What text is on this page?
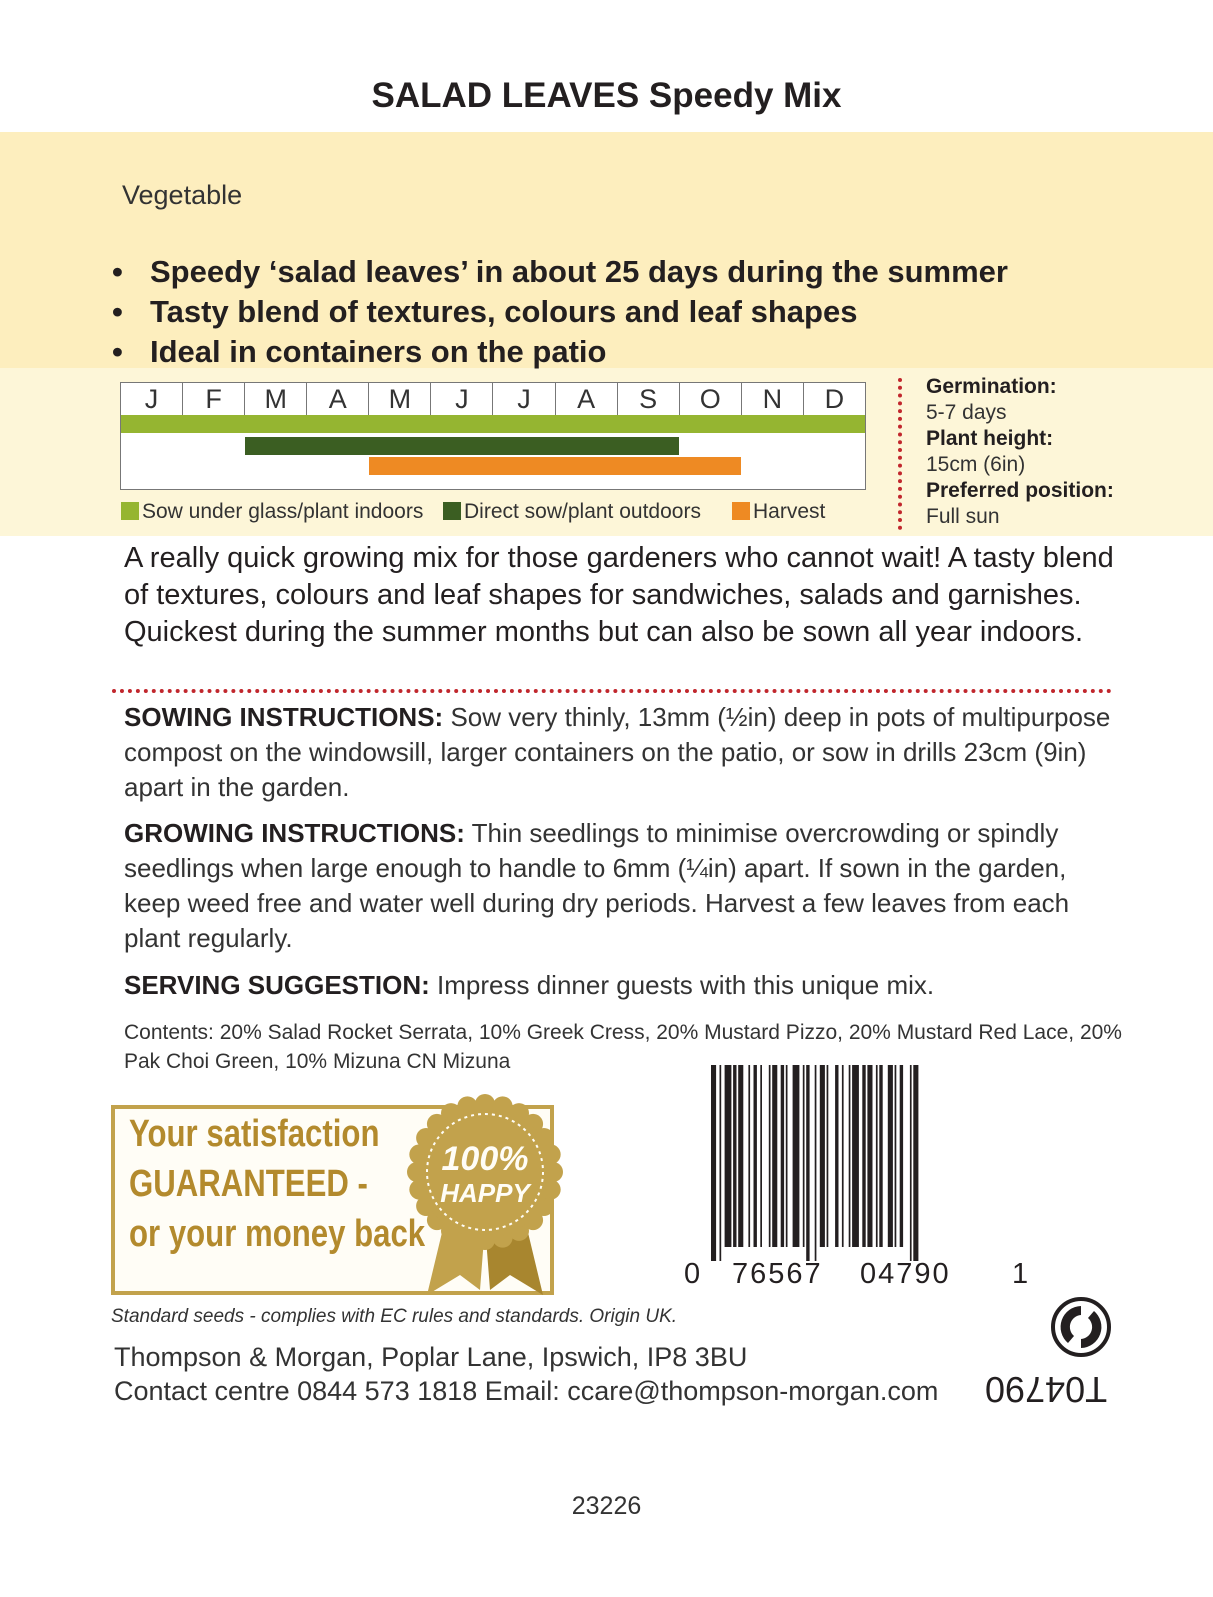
SALAD LEAVES Speedy Mix
Vegetable
• Speedy ‘salad leaves’ in about 25 days during the summer
• Tasty blend of textures, colours and leaf shapes
• Ideal in containers on the patio
J	F	M	A	M	J	J	A	S	O	N	D
Sow under glass/plant indoors	Direct sow/plant outdoors	Harvest
Germination:
5-7 days
Plant height:
15cm (6in)
Preferred position:
Full sun

A really quick growing mix for those gardeners who cannot wait! A tasty blend of textures, colours and leaf shapes for sandwiches, salads and garnishes. Quickest during the summer months but can also be sown all year indoors.

SOWING INSTRUCTIONS: Sow very thinly, 13mm (½in) deep in pots of multipurpose compost on the windowsill, larger containers on the patio, or sow in drills 23cm (9in) apart in the garden.

GROWING INSTRUCTIONS: Thin seedlings to minimise overcrowding or spindly seedlings when large enough to handle to 6mm (¼in) apart. If sown in the garden, keep weed free and water well during dry periods. Harvest a few leaves from each plant regularly.

SERVING SUGGESTION: Impress dinner guests with this unique mix.

Contents: 20% Salad Rocket Serrata, 10% Greek Cress, 20% Mustard Pizzo, 20% Mustard Red Lace, 20% Pak Choi Green, 10% Mizuna CN Mizuna

Your satisfaction
GUARANTEED -
or your money back
100%
HAPPY
0 76567 04790 1
Standard seeds - complies with EC rules and standards. Origin UK.
Thompson & Morgan, Poplar Lane, Ipswich, IP8 3BU
Contact centre 0844 573 1818 Email: ccare@thompson-morgan.com T04790
23226
